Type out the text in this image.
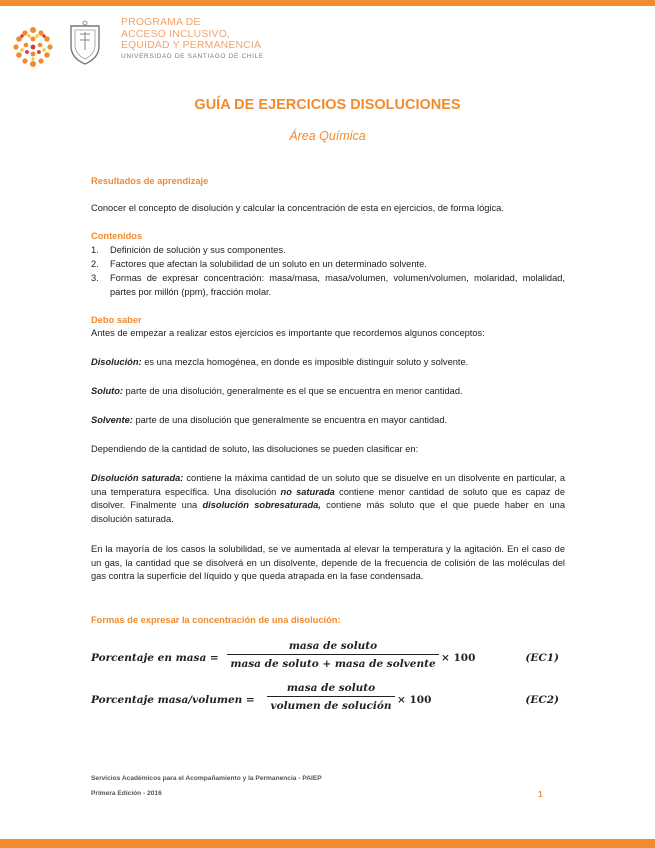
PROGRAMA DE
ACCESO INCLUSIVO,
EQUIDAD Y PERMANENCIA
UNIVERSIDAD DE SANTIAGO DE CHILE
GUÍA DE EJERCICIOS DISOLUCIONES
Área Química
Resultados de aprendizaje

Conocer el concepto de disolución y calcular la concentración de esta en ejercicios, de forma lógica.

Contenidos
1. Definición de solución y sus componentes.
2. Factores que afectan la solubilidad de un soluto en un determinado solvente.
3. Formas de expresar concentración: masa/masa, masa/volumen, volumen/volumen, molaridad, molalidad, partes por millón (ppm), fracción molar.
Debo saber

Antes de empezar a realizar estos ejercicios es importante que recordemos algunos conceptos:

Disolución: es una mezcla homogénea, en donde es imposible distinguir soluto y solvente.

Soluto: parte de una disolución, generalmente es el que se encuentra en menor cantidad.

Solvente: parte de una disolución que generalmente se encuentra en mayor cantidad.

Dependiendo de la cantidad de soluto, las disoluciones se pueden clasificar en:

Disolución saturada: contiene la máxima cantidad de un soluto que se disuelve en un disolvente en particular, a una temperatura específica. Una disolución no saturada contiene menor cantidad de soluto que es capaz de disolver. Finalmente una disolución sobresaturada, contiene más soluto que el que puede haber en una disolución saturada.

En la mayoría de los casos la solubilidad, se ve aumentada al elevar la temperatura y la agitación. En el caso de un gas, la cantidad que se disolverá en un disolvente, depende de la frecuencia de colisión de las moléculas del gas contra la superficie del líquido y que queda atrapada en la fase condensada.

Formas de expresar la concentración de una disolución:
Porcentaje en masa =
masa de soluto
masa de soluto + masa de solvente × 100	(EC1)
Porcentaje masa/volumen =
masa de soluto
volumen de solución × 100	(EC2)
Servicios Académicos para el Acompañamiento y la Permanencia - PAIEP
Primera Edición - 2016	1
